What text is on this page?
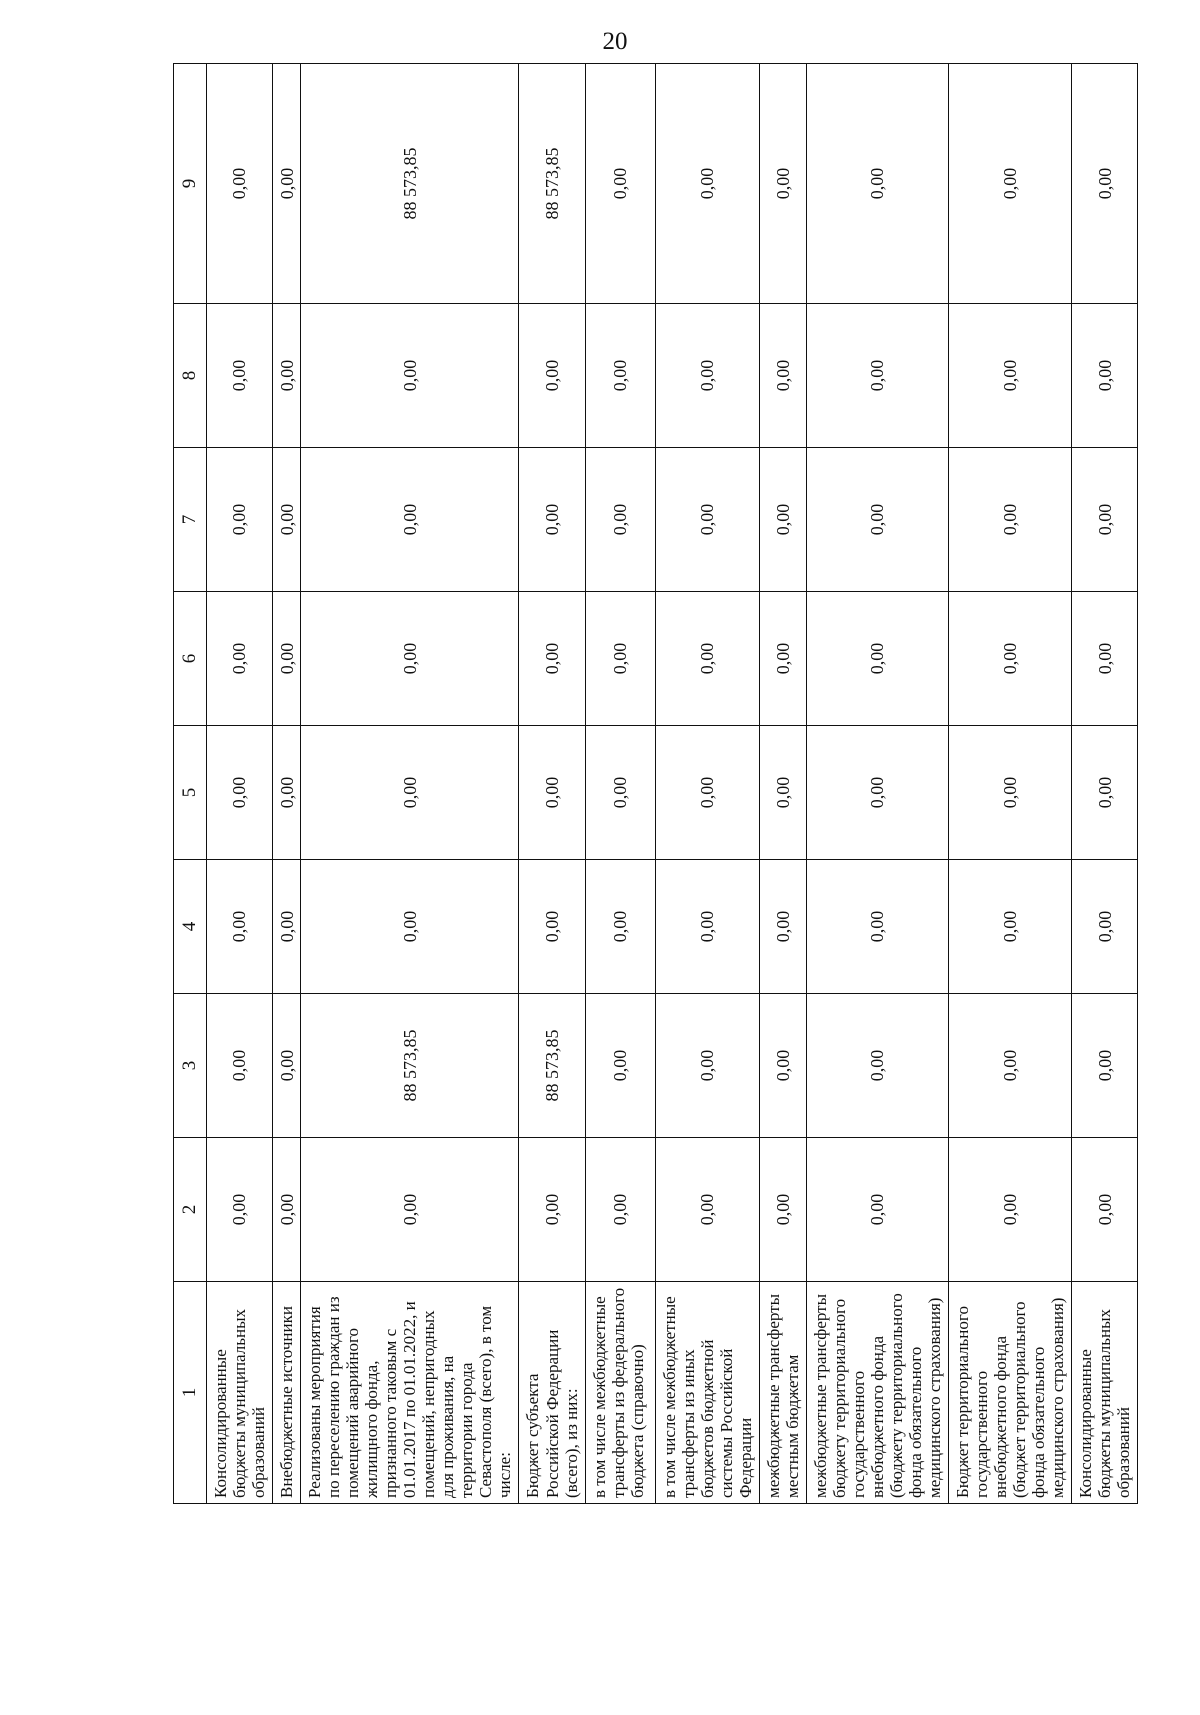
20
1	2	3	4	5	6	7	8	9
Консолидированные бюджеты муниципальных образований	0,00	0,00	0,00	0,00	0,00	0,00	0,00	0,00
Внебюджетные источники	0,00	0,00	0,00	0,00	0,00	0,00	0,00	0,00
Реализованы мероприятия по переселению граждан из помещений аварийного жилищного фонда, признанного таковым с 01.01.2017 по 01.01.2022, и помещений, непригодных для проживания, на территории города Севастополя (всего), в том числе:	0,00	88 573,85	0,00	0,00	0,00	0,00	0,00	88 573,85
Бюджет субъекта Российской Федерации (всего), из них:	0,00	88 573,85	0,00	0,00	0,00	0,00	0,00	88 573,85
в том числе межбюджетные трансферты из федерального бюджета (справочно)	0,00	0,00	0,00	0,00	0,00	0,00	0,00	0,00
в том числе межбюджетные трансферты из иных бюджетов бюджетной системы Российской Федерации	0,00	0,00	0,00	0,00	0,00	0,00	0,00	0,00
межбюджетные трансферты местным бюджетам	0,00	0,00	0,00	0,00	0,00	0,00	0,00	0,00
межбюджетные трансферты бюджету территориального государственного внебюджетного фонда (бюджету территориального фонда обязательного медицинского страхования)	0,00	0,00	0,00	0,00	0,00	0,00	0,00	0,00
Бюджет территориального государственного внебюджетного фонда (бюджет территориального фонда обязательного медицинского страхования)	0,00	0,00	0,00	0,00	0,00	0,00	0,00	0,00
Консолидированные бюджеты муниципальных образований	0,00	0,00	0,00	0,00	0,00	0,00	0,00	0,00
